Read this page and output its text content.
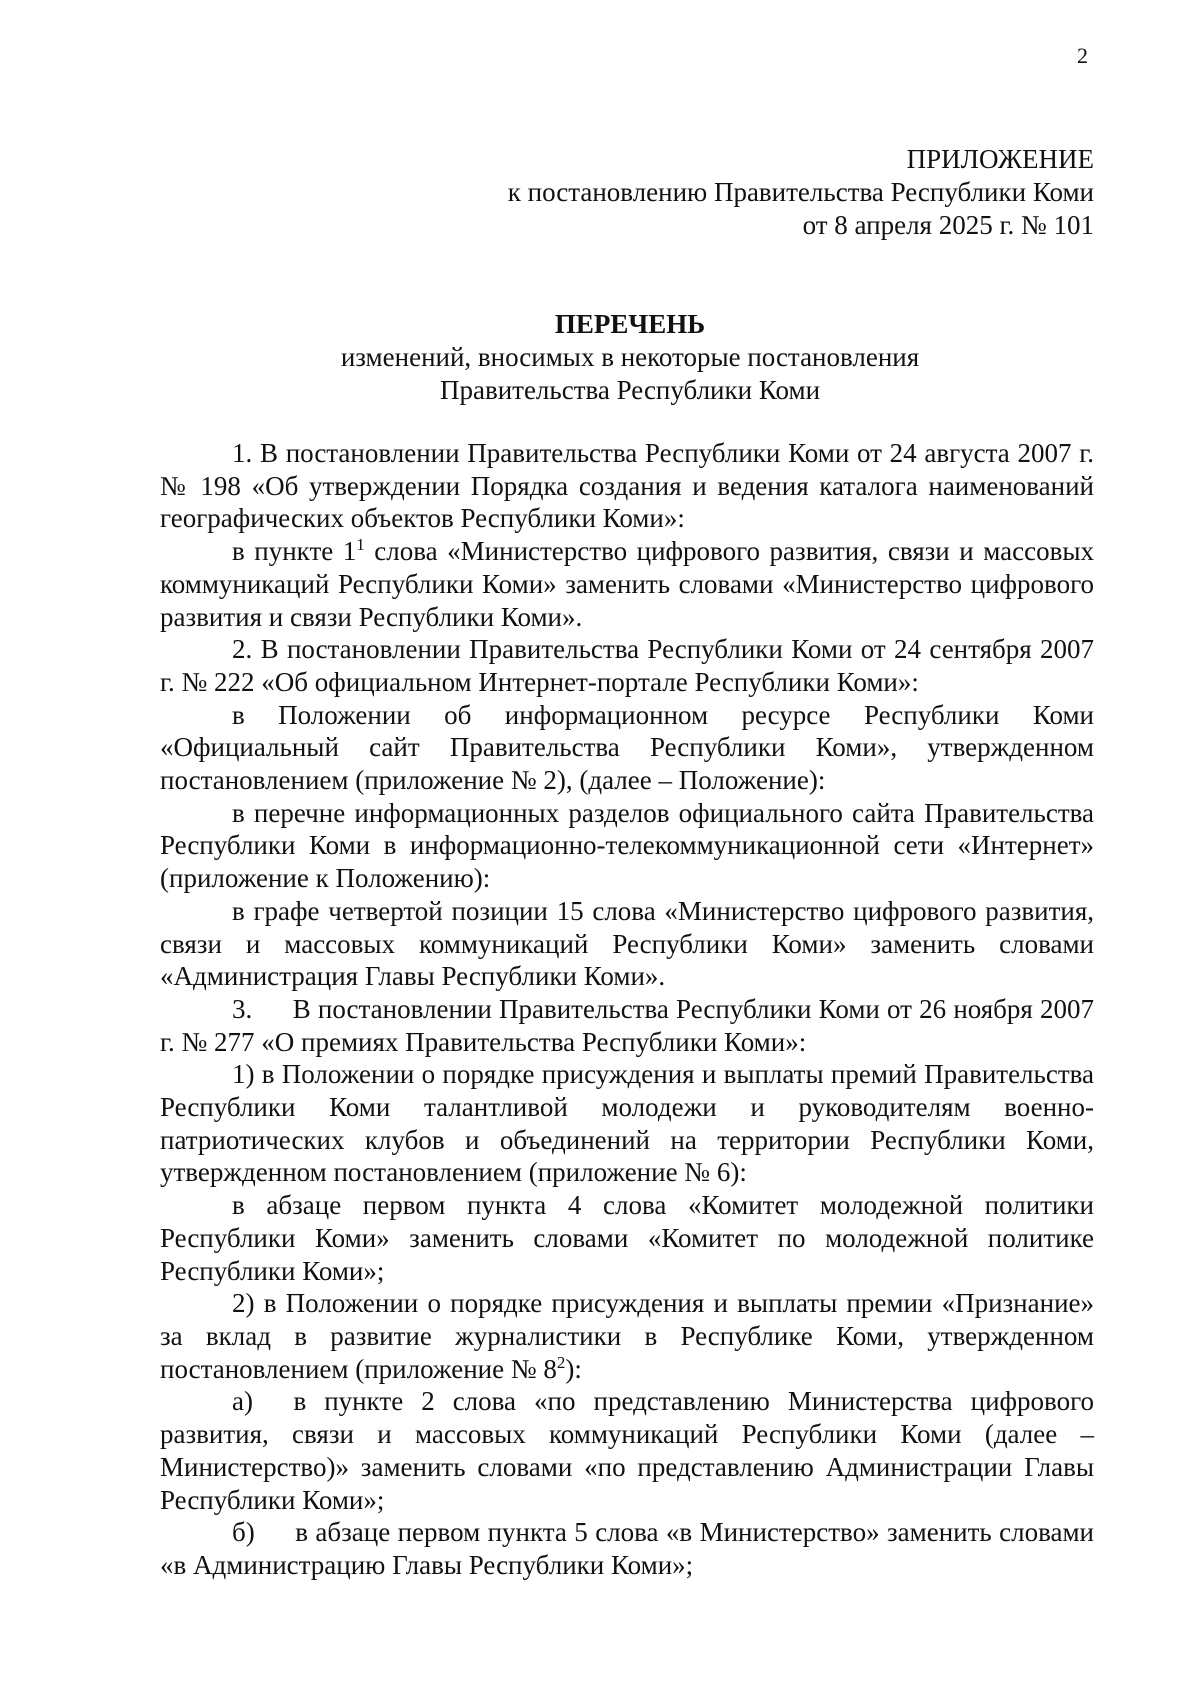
2
ПРИЛОЖЕНИЕ
к постановлению Правительства Республики Коми
от 8 апреля 2025 г. № 101
ПЕРЕЧЕНЬ
изменений, вносимых в некоторые постановления
Правительства Республики Коми

1. В постановлении Правительства Республики Коми от 24 августа 2007 г. № 198 «Об утверждении Порядка создания и ведения каталога наименований географических объектов Республики Коми»:

в пункте $1^1$ слова «Министерство цифрового развития, связи и массовых коммуникаций Республики Коми» заменить словами «Министерство цифрового развития и связи Республики Коми».

2. В постановлении Правительства Республики Коми от 24 сентября 2007 г. № 222 «Об официальном Интернет-портале Республики Коми»:

в Положении об информационном ресурсе Республики Коми «Официальный сайт Правительства Республики Коми», утвержденном постановлением (приложение № 2), (далее – Положение):

в перечне информационных разделов официального сайта Правительства Республики Коми в информационно-телекоммуникационной сети «Интернет» (приложение к Положению):

в графе четвертой позиции 15 слова «Министерство цифрового развития, связи и массовых коммуникаций Республики Коми» заменить словами «Администрация Главы Республики Коми».

3.  В постановлении Правительства Республики Коми от 26 ноября 2007 г. № 277 «О премиях Правительства Республики Коми»:

1) в Положении о порядке присуждения и выплаты премий Правительства Республики Коми талантливой молодежи и руководителям военно-патриотических клубов и объединений на территории Республики Коми, утвержденном постановлением (приложение № 6):

в абзаце первом пункта 4 слова «Комитет молодежной политики Республики Коми» заменить словами «Комитет по молодежной политике Республики Коми»;

2) в Положении о порядке присуждения и выплаты премии «Признание» за вклад в развитие журналистики в Республике Коми, утвержденном постановлением (приложение № $8^2$):

а)  в пункте 2 слова «по представлению Министерства цифрового развития, связи и массовых коммуникаций Республики Коми (далее – Министерство)» заменить словами «по представлению Администрации Главы Республики Коми»;

б)  в абзаце первом пункта 5 слова «в Министерство» заменить словами «в Администрацию Главы Республики Коми»;
